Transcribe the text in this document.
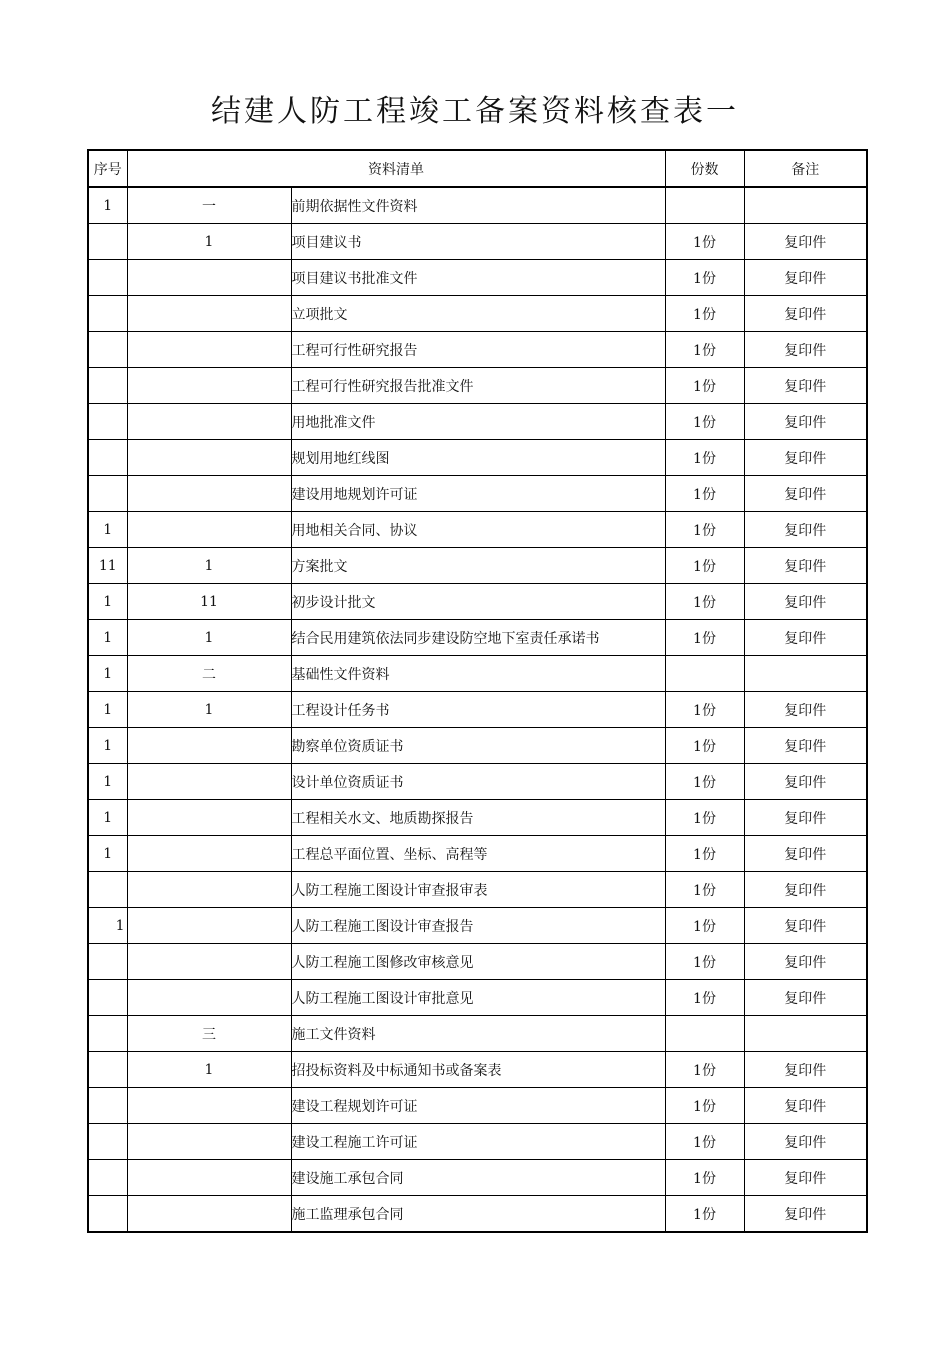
结建人防工程竣工备案资料核查表一
序号	资料清单		份数	备注
1	一	前期依据性文件资料		
	1	项目建议书	1份	复印件
		项目建议书批准文件	1份	复印件
		立项批文	1份	复印件
		工程可行性研究报告	1份	复印件
		工程可行性研究报告批准文件	1份	复印件
		用地批准文件	1份	复印件
		规划用地红线图	1份	复印件
		建设用地规划许可证	1份	复印件
1		用地相关合同、协议	1份	复印件
11	1	方案批文	1份	复印件
1	11	初步设计批文	1份	复印件
1	1	结合民用建筑依法同步建设防空地下室责任承诺书	1份	复印件
1	二	基础性文件资料		
1	1	工程设计任务书	1份	复印件
1		勘察单位资质证书	1份	复印件
1		设计单位资质证书	1份	复印件
1		工程相关水文、地质勘探报告	1份	复印件
1		工程总平面位置、坐标、高程等	1份	复印件
		人防工程施工图设计审查报审表	1份	复印件
1		人防工程施工图设计审查报告	1份	复印件
		人防工程施工图修改审核意见	1份	复印件
		人防工程施工图设计审批意见	1份	复印件
	三	施工文件资料		
	1	招投标资料及中标通知书或备案表	1份	复印件
		建设工程规划许可证	1份	复印件
		建设工程施工许可证	1份	复印件
		建设施工承包合同	1份	复印件
		施工监理承包合同	1份	复印件
